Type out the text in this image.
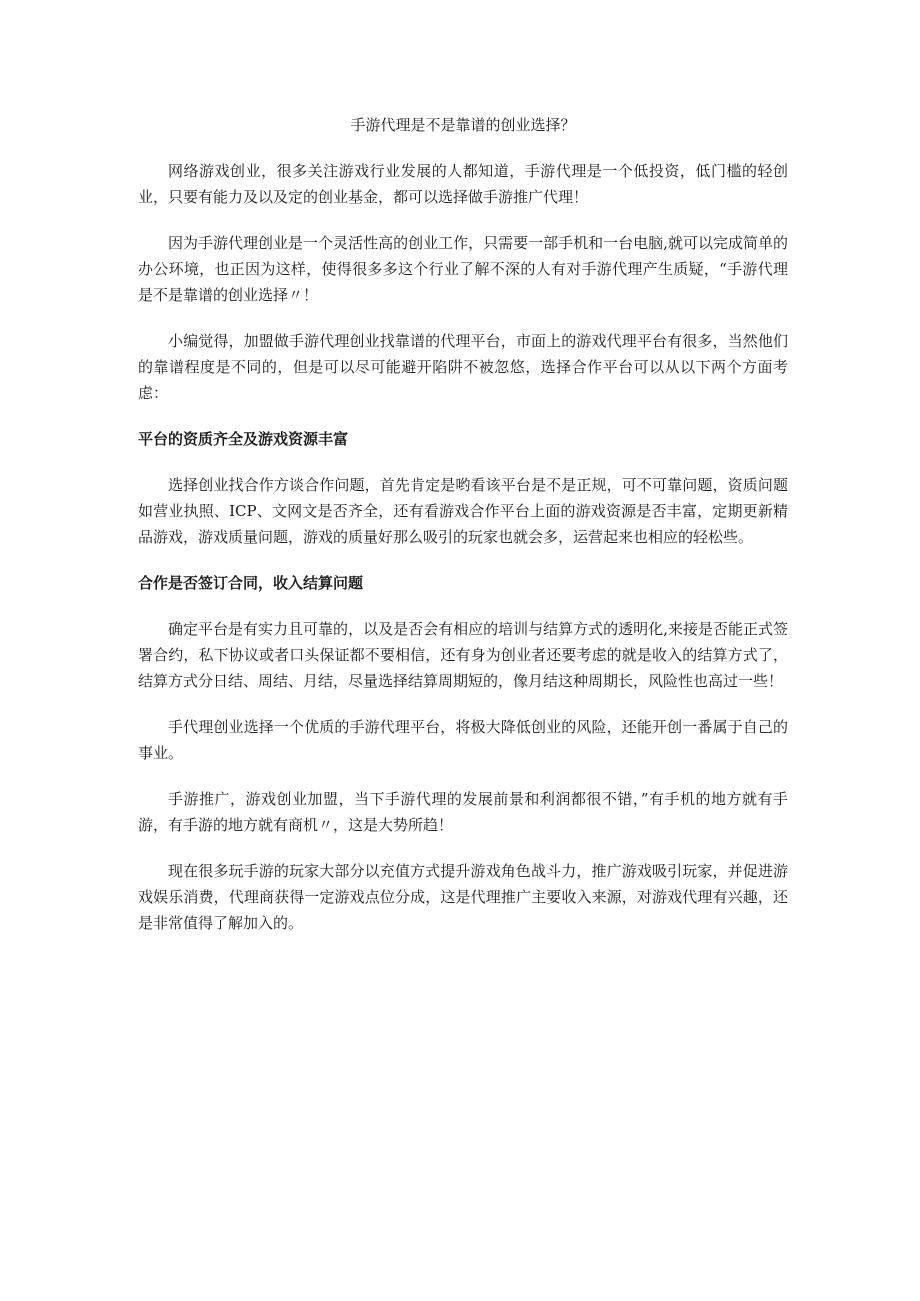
手游代理是不是靠谱的创业选择？

网络游戏创业，很多关注游戏行业发展的人都知道，手游代理是一个低投资，低门槛的轻创业，只要有能力及以及定的创业基金，都可以选择做手游推广代理！

因为手游代理创业是一个灵活性高的创业工作，只需要一部手机和一台电脑,就可以完成简单的办公环境，也正因为这样，使得很多多这个行业了解不深的人有对手游代理产生质疑，“手游代理是不是靠谱的创业选择〃！

小编觉得，加盟做手游代理创业找靠谱的代理平台，市面上的游戏代理平台有很多，当然他们的靠谱程度是不同的，但是可以尽可能避开陷阱不被忽悠，选择合作平台可以从以下两个方面考虑：

平台的资质齐全及游戏资源丰富

选择创业找合作方谈合作问题，首先肯定是哟看该平台是不是正规，可不可靠问题，资质问题如营业执照、ICP、文网文是否齐全，还有看游戏合作平台上面的游戏资源是否丰富，定期更新精品游戏，游戏质量问题，游戏的质量好那么吸引的玩家也就会多，运营起来也相应的轻松些。

合作是否签订合同，收入结算问题

确定平台是有实力且可靠的，以及是否会有相应的培训与结算方式的透明化,来接是否能正式签署合约，私下协议或者口头保证都不要相信，还有身为创业者还要考虑的就是收入的结算方式了，结算方式分日结、周结、月结，尽量选择结算周期短的，像月结这种周期长，风险性也高过一些！

手代理创业选择一个优质的手游代理平台，将极大降低创业的风险，还能开创一番属于自己的事业。

手游推广，游戏创业加盟，当下手游代理的发展前景和利润都很不错，”有手机的地方就有手游，有手游的地方就有商机〃，这是大势所趋！

现在很多玩手游的玩家大部分以充值方式提升游戏角色战斗力，推广游戏吸引玩家，并促进游戏娱乐消费，代理商获得一定游戏点位分成，这是代理推广主要收入来源，对游戏代理有兴趣，还是非常值得了解加入的。
